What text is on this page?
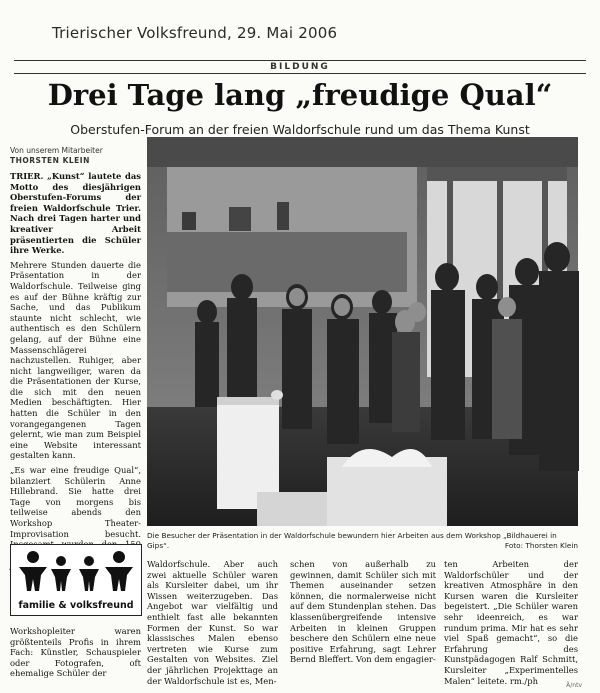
Trierischer Volksfreund, 29. Mai 2006
BILDUNG
Drei Tage lang „freudige Qual“
Oberstufen-Forum an der freien Waldorfschule rund um das Thema Kunst
Von unserem Mitarbeiter
THORSTEN KLEIN

TRIER. „Kunst“ lautete das Motto des diesjährigen Oberstufen-Forums der freien Waldorfschule Trier. Nach drei Tagen harter und kreativer Arbeit präsentierten die Schüler ihre Werke.

Mehrere Stunden dauerte die Präsentation in der Waldorfschule. Teilweise ging es auf der Bühne kräftig zur Sache, und das Publikum staunte nicht schlecht, wie authentisch es den Schülern gelang, auf der Bühne eine Massenschlägerei nachzustellen. Ruhiger, aber nicht langweiliger, waren da die Präsentationen der Kurse, die sich mit den neuen Medien beschäftigten. Hier hatten die Schüler in den vorangegangenen Tagen gelernt, wie man zum Beispiel eine Website interessant gestalten kann.

„Es war eine freudige Qual“, bilanziert Schülerin Anne Hillebrand. Sie hatte drei Tage von morgens bis teilweise abends den Workshop Theater-Improvisation besucht. Die Besucher der Präsentation in der Waldorfschule bewundern hier Arbeiten aus dem Workshop „Bildhauerei in Gips“.	Foto: Thorsten Klein
familie & volksfreund
Workshopleiter waren größtenteils Profis in ihrem Fach: Künstler, Schauspieler oder Fotografen, oft ehemalige Schüler der
Waldorfschule. Aber auch zwei aktuelle Schüler waren als Kursleiter dabei, um ihr Wissen weiterzugeben. Das Angebot war vielfältig und enthielt fast alle bekannten Formen der Kunst. So war klassisches Malen ebenso vertreten wie Kurse zum Gestalten von Websites. Ziel der jährlichen Projekttage an der Waldorfschule ist es, Men-
schen von außerhalb zu gewinnen, damit Schüler sich mit Themen auseinander setzen können, die normalerweise nicht auf dem Stundenplan stehen. Das klassenübergreifende intensive Arbeiten in kleinen Gruppen beschere den Schülern eine neue positive Erfahrung, sagt Lehrer Bernd Bleffert. Von dem engagier-
ten Arbeiten der Waldorfschüler und der kreativen Atmosphäre in den Kursen waren die Kursleiter begeistert. „Die Schüler waren sehr ideenreich, es war rundum prima. Mir hat es sehr viel Spaß gemacht“, so die Erfahrung des Kunstpädagogen Ralf Schmitt, Kursleiter „Experimentelles Malen“ leitete. rm./ph	Ä/ntv
